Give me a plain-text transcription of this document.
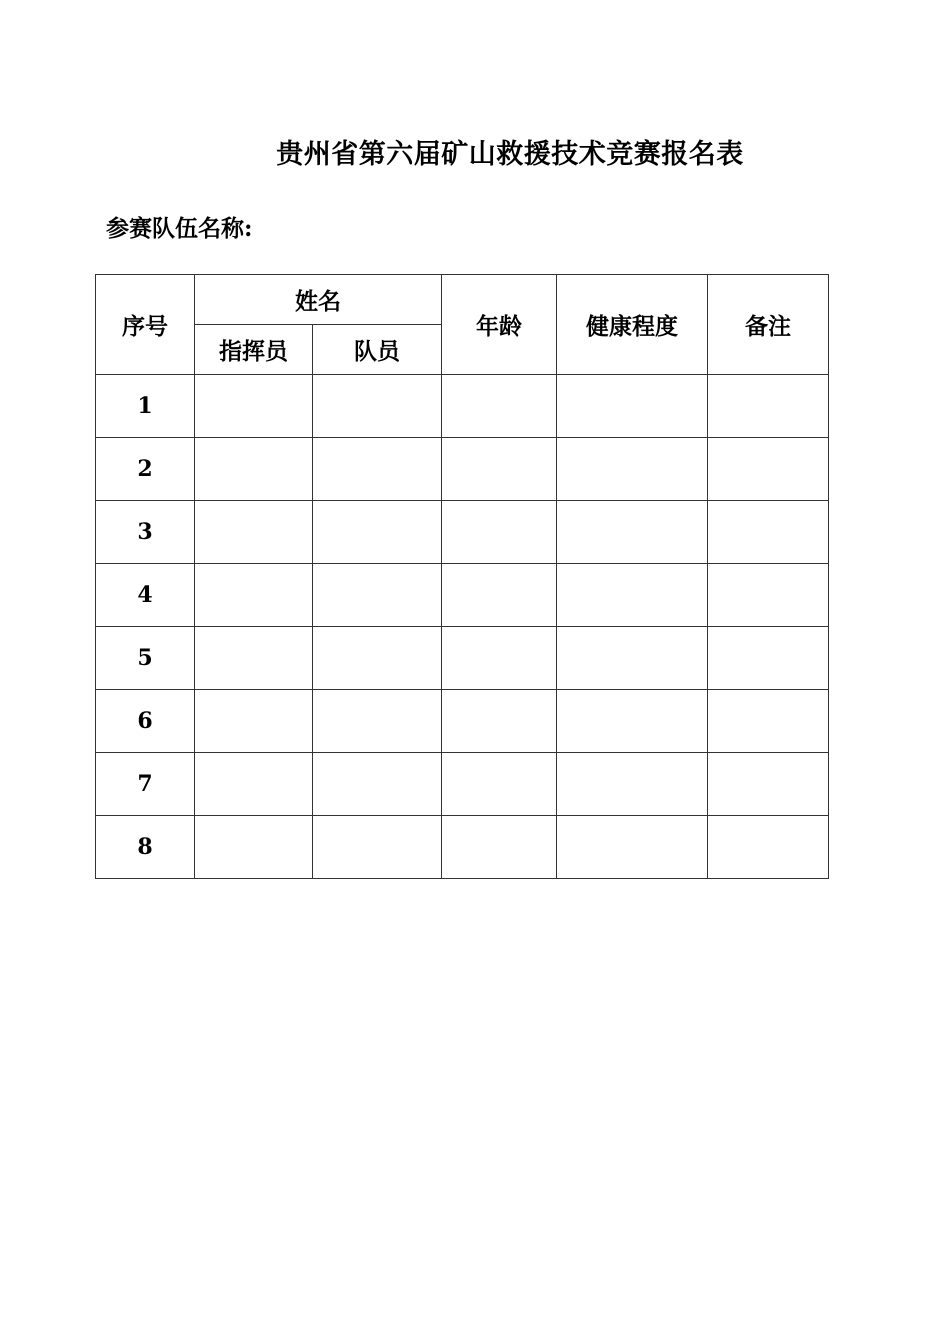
贵州省第六届矿山救援技术竞赛报名表
参赛队伍名称:
序号	姓名		年龄	健康程度	备注
	指挥员	队员			
1					
2					
3					
4					
5					
6					
7					
8					
